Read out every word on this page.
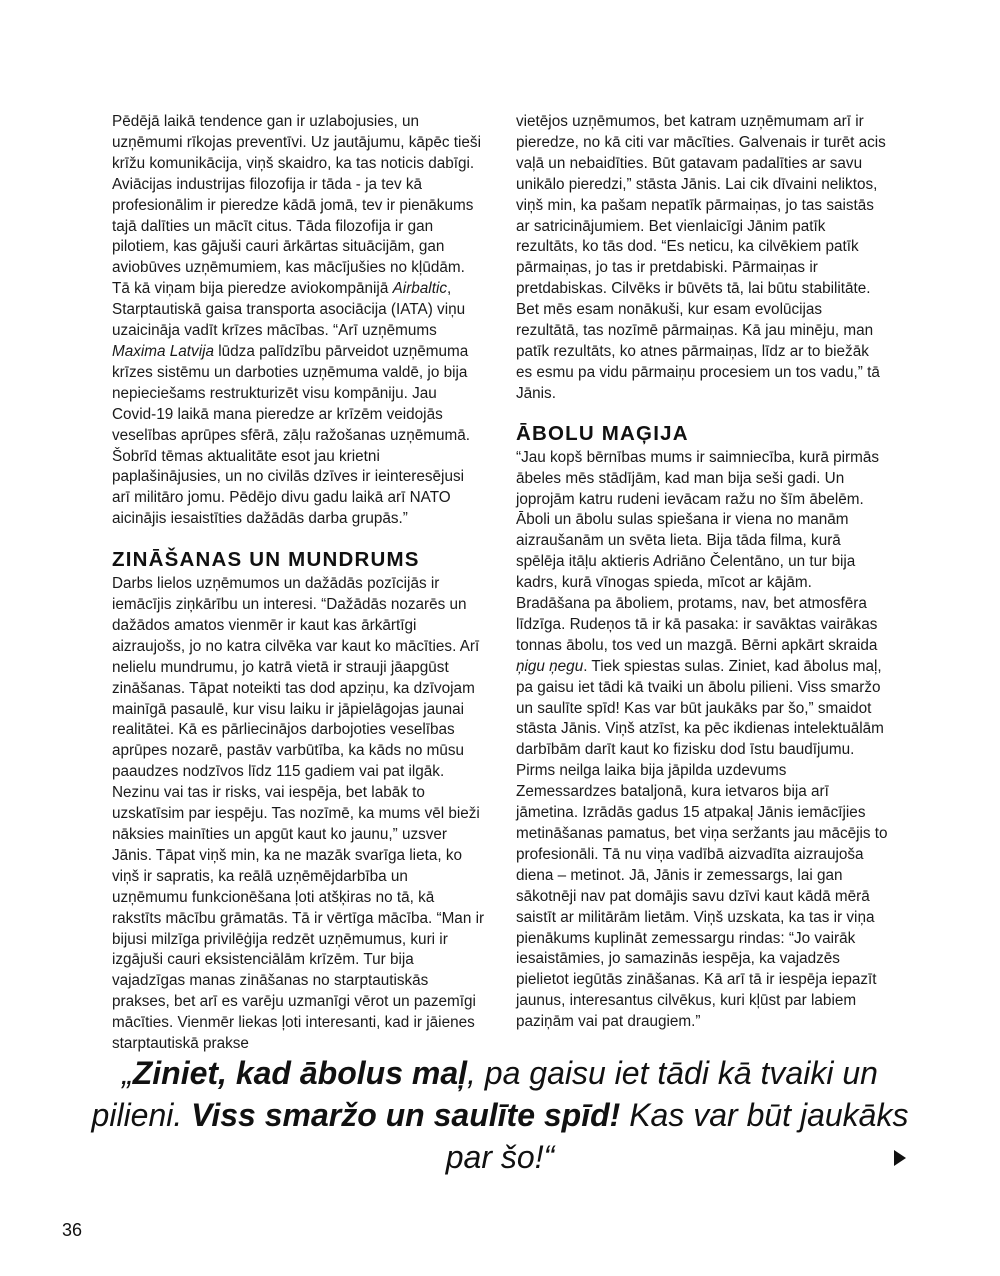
Pēdējā laikā tendence gan ir uzlabojusies, un uzņēmumi rīkojas preventīvi. Uz jautājumu, kāpēc tieši krīžu komunikācija, viņš skaidro, ka tas noticis dabīgi. Aviācijas industrijas filozofija ir tāda - ja tev kā profesionālim ir pieredze kādā jomā, tev ir pienākums tajā dalīties un mācīt citus. Tāda filozofija ir gan pilotiem, kas gājuši cauri ārkārtas situācijām, gan aviobūves uzņēmumiem, kas mācījušies no kļūdām. Tā kā viņam bija pieredze aviokompānijā Airbaltic, Starptautiskā gaisa transporta asociācija (IATA) viņu uzaicināja vadīt krīzes mācības. “Arī uzņēmums Maxima Latvija lūdza palīdzību pārveidot uzņēmuma krīzes sistēmu un darboties uzņēmuma valdē, jo bija nepieciešams restrukturizēt visu kompāniju. Jau Covid-19 laikā mana pieredze ar krīzēm veidojās veselības aprūpes sfērā, zāļu ražošanas uzņēmumā. Šobrīd tēmas aktualitāte esot jau krietni paplašinājusies, un no civilās dzīves ir ieinteresējusi arī militāro jomu. Pēdējo divu gadu laikā arī NATO aicinājis iesaistīties dažādās darba grupās.”

ZINĀŠANAS UN MUNDRUMS

Darbs lielos uzņēmumos un dažādās pozīcijās ir iemācījis ziņkārību un interesi. “Dažādās nozarēs un dažādos amatos vienmēr ir kaut kas ārkārtīgi aizraujošs, jo no katra cilvēka var kaut ko mācīties. Arī nelielu mundrumu, jo katrā vietā ir strauji jāapgūst zināšanas. Tāpat noteikti tas dod apziņu, ka dzīvojam mainīgā pasaulē, kur visu laiku ir jāpielāgojas jaunai realitātei. Kā es pārliecinājos darbojoties veselības aprūpes nozarē, pastāv varbūtība, ka kāds no mūsu paaudzes nodzīvos līdz 115 gadiem vai pat ilgāk. Nezinu vai tas ir risks, vai iespēja, bet labāk to uzskatīsim par iespēju. Tas nozīmē, ka mums vēl bieži nāksies mainīties un apgūt kaut ko jaunu,” uzsver Jānis. Tāpat viņš min, ka ne mazāk svarīga lieta, ko viņš ir sapratis, ka reālā uzņēmējdarbība un uzņēmumu funkcionēšana ļoti atšķiras no tā, kā rakstīts mācību grāmatās. Tā ir vērtīga mācība. “Man ir bijusi milzīga privilēģija redzēt uzņēmumus, kuri ir izgājuši cauri eksistenciālām krīzēm. Tur bija vajadzīgas manas zināšanas no starptautiskās prakses, bet arī es varēju uzmanīgi vērot un pazemīgi mācīties. Vienmēr liekas ļoti interesanti, kad ir jāienes starptautiskā prakse

vietējos uzņēmumos, bet katram uzņēmumam arī ir pieredze, no kā citi var mācīties. Galvenais ir turēt acis vaļā un nebaidīties. Būt gatavam padalīties ar savu unikālo pieredzi,” stāsta Jānis. Lai cik dīvaini neliktos, viņš min, ka pašam nepatīk pārmaiņas, jo tas saistās ar satricinājumiem. Bet vienlaicīgi Jānim patīk rezultāts, ko tās dod. “Es neticu, ka cilvēkiem patīk pārmaiņas, jo tas ir pretdabiski. Pārmaiņas ir pretdabiskas. Cilvēks ir būvēts tā, lai būtu stabilitāte. Bet mēs esam nonākuši, kur esam evolūcijas rezultātā, tas nozīmē pārmaiņas. Kā jau minēju, man patīk rezultāts, ko atnes pārmaiņas, līdz ar to biežāk es esmu pa vidu pārmaiņu procesiem un tos vadu,” tā Jānis.

ĀBOLU MAĢIJA

“Jau kopš bērnības mums ir saimniecība, kurā pirmās ābeles mēs stādījām, kad man bija seši gadi. Un joprojām katru rudeni ievācam ražu no šīm ābelēm. Āboli un ābolu sulas spiešana ir viena no manām aizraušanām un svēta lieta. Bija tāda filma, kurā spēlēja itāļu aktieris Adriāno Čelentāno, un tur bija kadrs, kurā vīnogas spieda, mīcot ar kājām. Bradāšana pa āboliem, protams, nav, bet atmosfēra līdzīga. Rudeņos tā ir kā pasaka: ir savāktas vairākas tonnas ābolu, tos ved un mazgā. Bērni apkārt skraida ņigu ņegu. Tiek spiestas sulas. Ziniet, kad ābolus maļ, pa gaisu iet tādi kā tvaiki un ābolu pilieni. Viss smaržo un saulīte spīd! Kas var būt jaukāks par šo,” smaidot stāsta Jānis. Viņš atzīst, ka pēc ikdienas intelektuālām darbībām darīt kaut ko fizisku dod īstu baudījumu. Pirms neilga laika bija jāpilda uzdevums Zemessardzes bataljonā, kura ietvaros bija arī jāmetina. Izrādās gadus 15 atpakaļ Jānis iemācījies metināšanas pamatus, bet viņa seržants jau mācējis to profesionāli. Tā nu viņa vadībā aizvadīta aizraujoša diena – metinot. Jā, Jānis ir zemessargs, lai gan sākotnēji nav pat domājis savu dzīvi kaut kādā mērā saistīt ar militārām lietām. Viņš uzskata, ka tas ir viņa pienākums kuplināt zemessargu rindas: “Jo vairāk iesaistāmies, jo samazinās iespēja, ka vajadzēs pielietot iegūtās zināšanas. Kā arī tā ir iespēja iepazīt jaunus, interesantus cilvēkus, kuri kļūst par labiem paziņām vai pat draugiem.”

„Ziniet, kad ābolus maļ, pa gaisu iet tādi kā tvaiki un pilieni. Viss smaržo un saulīte spīd! Kas var būt jaukāks par šo!“
36
